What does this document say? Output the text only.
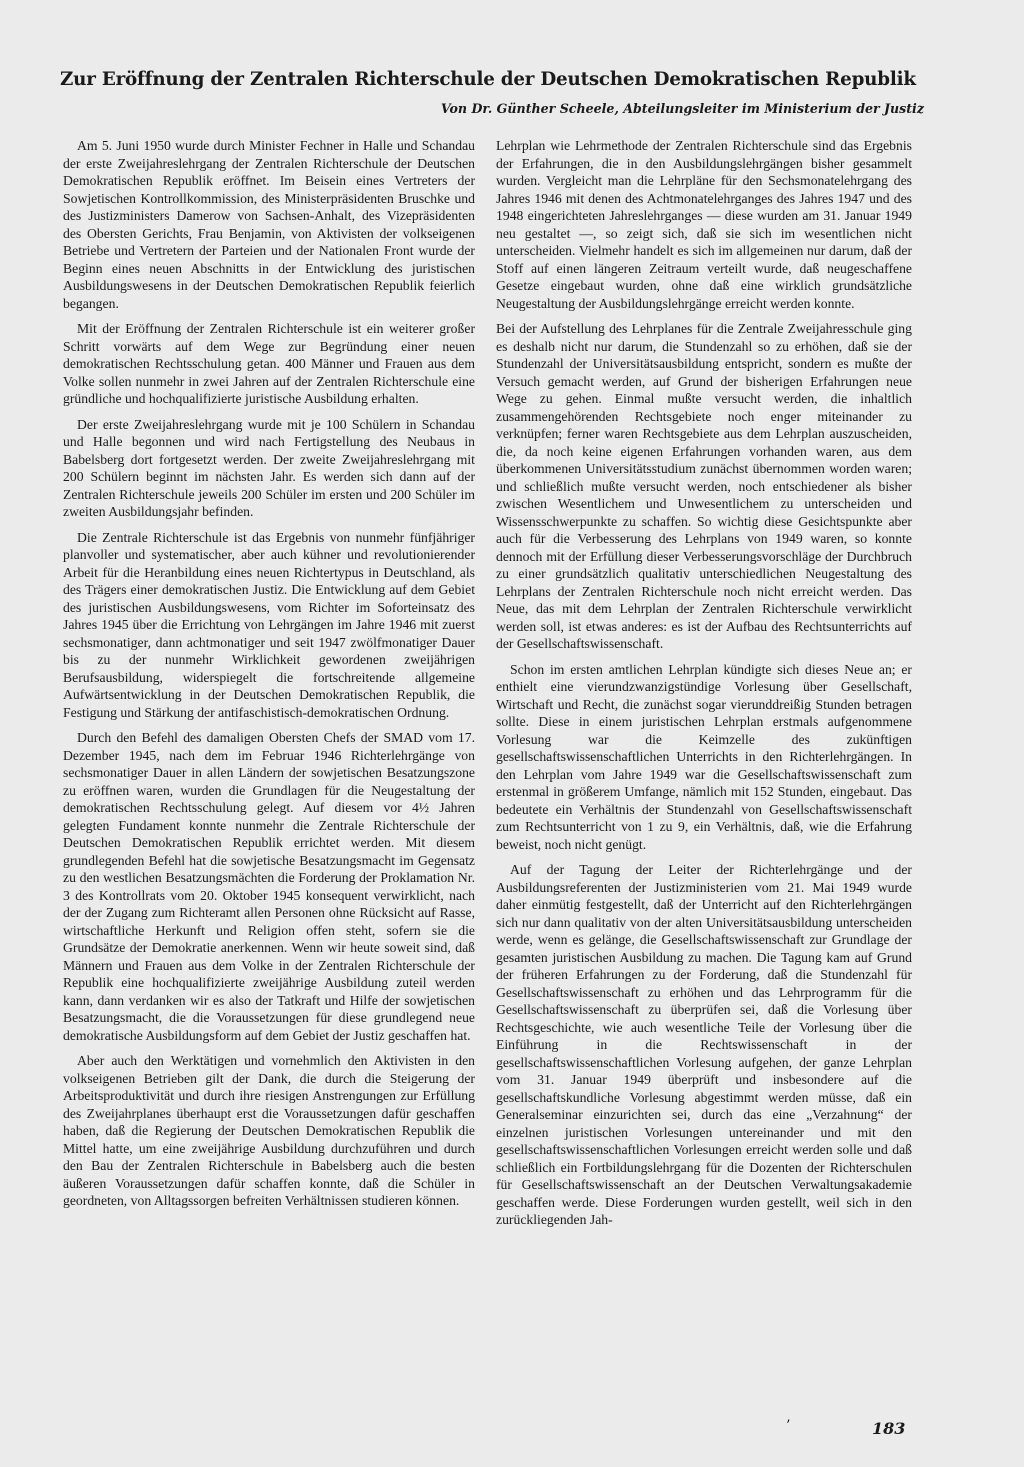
Zur Eröffnung der Zentralen Richterschule der Deutschen Demokratischen Republik

Von Dr. Günther Scheele, Abteilungsleiter im Ministerium der Justiz

Am 5. Juni 1950 wurde durch Minister Fechner in Halle und Schandau der erste Zweijahreslehrgang der Zentralen Richterschule der Deutschen Demokratischen Republik eröffnet. Im Beisein eines Vertreters der Sowjetischen Kontrollkommission, des Ministerpräsidenten Bruschke und des Justizministers Damerow von Sachsen-Anhalt, des Vizepräsidenten des Obersten Gerichts, Frau Benjamin, von Aktivisten der volkseigenen Betriebe und Vertretern der Parteien und der Nationalen Front wurde der Beginn eines neuen Abschnitts in der Entwicklung des juristischen Ausbildungswesens in der Deutschen Demokratischen Republik feierlich begangen.

Mit der Eröffnung der Zentralen Richterschule ist ein weiterer großer Schritt vorwärts auf dem Wege zur Begründung einer neuen demokratischen Rechtsschulung getan. 400 Männer und Frauen aus dem Volke sollen nunmehr in zwei Jahren auf der Zentralen Richterschule eine gründliche und hochqualifizierte juristische Ausbildung erhalten.

Der erste Zweijahreslehrgang wurde mit je 100 Schülern in Schandau und Halle begonnen und wird nach Fertigstellung des Neubaus in Babelsberg dort fortgesetzt werden. Der zweite Zweijahreslehrgang mit 200 Schülern beginnt im nächsten Jahr. Es werden sich dann auf der Zentralen Richterschule jeweils 200 Schüler im ersten und 200 Schüler im zweiten Ausbildungsjahr befinden.

Die Zentrale Richterschule ist das Ergebnis von nunmehr fünfjähriger planvoller und systematischer, aber auch kühner und revolutionierender Arbeit für die Heranbildung eines neuen Richtertypus in Deutschland, als des Trägers einer demokratischen Justiz. Die Entwicklung auf dem Gebiet des juristischen Ausbildungswesens, vom Richter im Soforteinsatz des Jahres 1945 über die Errichtung von Lehrgängen im Jahre 1946 mit zuerst sechsmonatiger, dann achtmonatiger und seit 1947 zwölfmonatiger Dauer bis zu der nunmehr Wirklichkeit gewordenen zweijährigen Berufsausbildung, widerspiegelt die fortschreitende allgemeine Aufwärtsentwicklung in der Deutschen Demokratischen Republik, die Festigung und Stärkung der antifaschistisch-demokratischen Ordnung.

Durch den Befehl des damaligen Obersten Chefs der SMAD vom 17. Dezember 1945, nach dem im Februar 1946 Richterlehrgänge von sechsmonatiger Dauer in allen Ländern der sowjetischen Besatzungszone zu eröffnen waren, wurden die Grundlagen für die Neugestaltung der demokratischen Rechtsschulung gelegt. Auf diesem vor 4½ Jahren gelegten Fundament konnte nunmehr die Zentrale Richterschule der Deutschen Demokratischen Republik errichtet werden. Mit diesem grundlegenden Befehl hat die sowjetische Besatzungsmacht im Gegensatz zu den westlichen Besatzungsmächten die Forderung der Proklamation Nr. 3 des Kontrollrats vom 20. Oktober 1945 konsequent verwirklicht, nach der der Zugang zum Richteramt allen Personen ohne Rücksicht auf Rasse, wirtschaftliche Herkunft und Religion offen steht, sofern sie die Grundsätze der Demokratie anerkennen. Wenn wir heute soweit sind, daß Männern und Frauen aus dem Volke in der Zentralen Richterschule der Republik eine hochqualifizierte zweijährige Ausbildung zuteil werden kann, dann verdanken wir es also der Tatkraft und Hilfe der sowjetischen Besatzungsmacht, die die Voraussetzungen für diese grundlegend neue demokratische Ausbildungsform auf dem Gebiet der Justiz geschaffen hat.

Aber auch den Werktätigen und vornehmlich den Aktivisten in den volkseigenen Betrieben gilt der Dank, die durch die Steigerung der Arbeitsproduktivität und durch ihre riesigen Anstrengungen zur Erfüllung des Zweijahrplanes überhaupt erst die Voraussetzungen dafür geschaffen haben, daß die Regierung der Deutschen Demokratischen Republik die Mittel hatte, um eine zweijährige Ausbildung durchzuführen und durch den Bau der Zentralen Richterschule in Babelsberg auch die besten äußeren Voraussetzungen dafür schaffen konnte, daß die Schüler in geordneten, von Alltagssorgen befreiten Verhältnissen studieren können.

Lehrplan wie Lehrmethode der Zentralen Richterschule sind das Ergebnis der Erfahrungen, die in den Ausbildungslehrgängen bisher gesammelt wurden. Vergleicht man die Lehrpläne für den Sechsmonatelehrgang des Jahres 1946 mit denen des Achtmonatelehrganges des Jahres 1947 und des 1948 eingerichteten Jahreslehrganges — diese wurden am 31. Januar 1949 neu gestaltet —, so zeigt sich, daß sie sich im wesentlichen nicht unterscheiden. Vielmehr handelt es sich im allgemeinen nur darum, daß der Stoff auf einen längeren Zeitraum verteilt wurde, daß neugeschaffene Gesetze eingebaut wurden, ohne daß eine wirklich grundsätzliche Neugestaltung der Ausbildungslehrgänge erreicht werden konnte.

Bei der Aufstellung des Lehrplanes für die Zentrale Zweijahresschule ging es deshalb nicht nur darum, die Stundenzahl so zu erhöhen, daß sie der Stundenzahl der Universitätsausbildung entspricht, sondern es mußte der Versuch gemacht werden, auf Grund der bisherigen Erfahrungen neue Wege zu gehen. Einmal mußte versucht werden, die inhaltlich zusammengehörenden Rechtsgebiete noch enger miteinander zu verknüpfen; ferner waren Rechtsgebiete aus dem Lehrplan auszuscheiden, die, da noch keine eigenen Erfahrungen vorhanden waren, aus dem überkommenen Universitätsstudium zunächst übernommen worden waren; und schließlich mußte versucht werden, noch entschiedener als bisher zwischen Wesentlichem und Unwesentlichem zu unterscheiden und Wissensschwerpunkte zu schaffen. So wichtig diese Gesichtspunkte aber auch für die Verbesserung des Lehrplans von 1949 waren, so konnte dennoch mit der Erfüllung dieser Verbesserungsvorschläge der Durchbruch zu einer grundsätzlich qualitativ unterschiedlichen Neugestaltung des Lehrplans der Zentralen Richterschule noch nicht erreicht werden. Das Neue, das mit dem Lehrplan der Zentralen Richterschule verwirklicht werden soll, ist etwas anderes: es ist der Aufbau des Rechtsunterrichts auf der Gesellschaftswissenschaft.

Schon im ersten amtlichen Lehrplan kündigte sich dieses Neue an; er enthielt eine vierundzwanzigstündige Vorlesung über Gesellschaft, Wirtschaft und Recht, die zunächst sogar vierunddreißig Stunden betragen sollte. Diese in einem juristischen Lehrplan erstmals aufgenommene Vorlesung war die Keimzelle des zukünftigen gesellschaftswissenschaftlichen Unterrichts in den Richterlehrgängen. In den Lehrplan vom Jahre 1949 war die Gesellschaftswissenschaft zum erstenmal in größerem Umfange, nämlich mit 152 Stunden, eingebaut. Das bedeutete ein Verhältnis der Stundenzahl von Gesellschaftswissenschaft zum Rechtsunterricht von 1 zu 9, ein Verhältnis, daß, wie die Erfahrung beweist, noch nicht genügt.

Auf der Tagung der Leiter der Richterlehrgänge und der Ausbildungsreferenten der Justizministerien vom 21. Mai 1949 wurde daher einmütig festgestellt, daß der Unterricht auf den Richterlehrgängen sich nur dann qualitativ von der alten Universitätsausbildung unterscheiden werde, wenn es gelänge, die Gesellschaftswissenschaft zur Grundlage der gesamten juristischen Ausbildung zu machen. Die Tagung kam auf Grund der früheren Erfahrungen zu der Forderung, daß die Stundenzahl für Gesellschaftswissenschaft zu erhöhen und das Lehrprogramm für die Gesellschaftswissenschaft zu überprüfen sei, daß die Vorlesung über Rechtsgeschichte, wie auch wesentliche Teile der Vorlesung über die Einführung in die Rechtswissenschaft in der gesellschaftswissenschaftlichen Vorlesung aufgehen, der ganze Lehrplan vom 31. Januar 1949 überprüft und insbesondere auf die gesellschaftskundliche Vorlesung abgestimmt werden müsse, daß ein Generalseminar einzurichten sei, durch das eine „Verzahnung“ der einzelnen juristischen Vorlesungen untereinander und mit den gesellschaftswissenschaftlichen Vorlesungen erreicht werden solle und daß schließlich ein Fortbildungslehrgang für die Dozenten der Richterschulen für Gesellschaftswissenschaft an der Deutschen Verwaltungsakademie geschaffen werde. Diese Forderungen wurden gestellt, weil sich in den zurückliegenden Jah-

’	183
